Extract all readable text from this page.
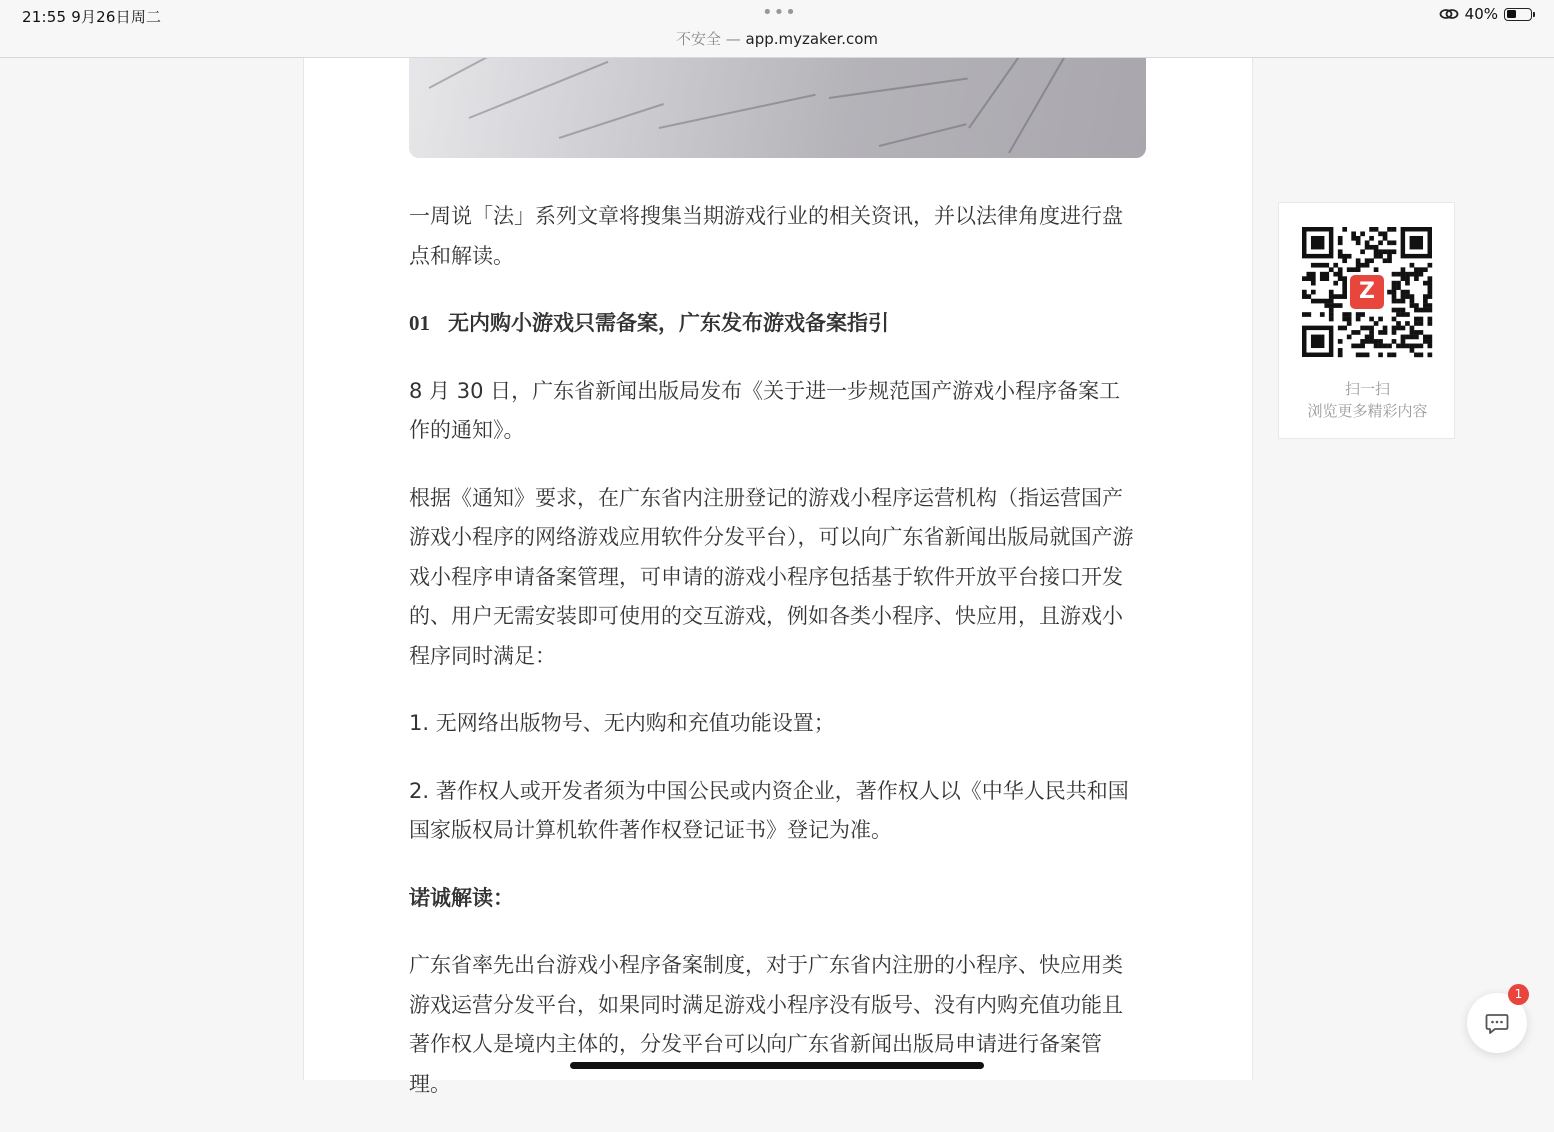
21:55 9月26日周二	•••
不安全 — app.myzaker.com
40%

一周说「法」系列文章将搜集当期游戏行业的相关资讯，并以法律角度进行盘点和解读。

01 无内购小游戏只需备案，广东发布游戏备案指引

8 月 30 日，广东省新闻出版局发布《关于进一步规范国产游戏小程序备案工作的通知》。

根据《通知》要求，在广东省内注册登记的游戏小程序运营机构（指运营国产游戏小程序的网络游戏应用软件分发平台），可以向广东省新闻出版局就国产游戏小程序申请备案管理，可申请的游戏小程序包括基于软件开放平台接口开发的、用户无需安装即可使用的交互游戏，例如各类小程序、快应用，且游戏小程序同时满足：

1. 无网络出版物号、无内购和充值功能设置；

2. 著作权人或开发者须为中国公民或内资企业，著作权人以《中华人民共和国国家版权局计算机软件著作权登记证书》登记为准。

诺诚解读：

广东省率先出台游戏小程序备案制度，对于广东省内注册的小程序、快应用类游戏运营分发平台，如果同时满足游戏小程序没有版号、没有内购充值功能且著作权人是境内主体的，分发平台可以向广东省新闻出版局申请进行备案管理。

Z
扫一扫
浏览更多精彩内容
1
